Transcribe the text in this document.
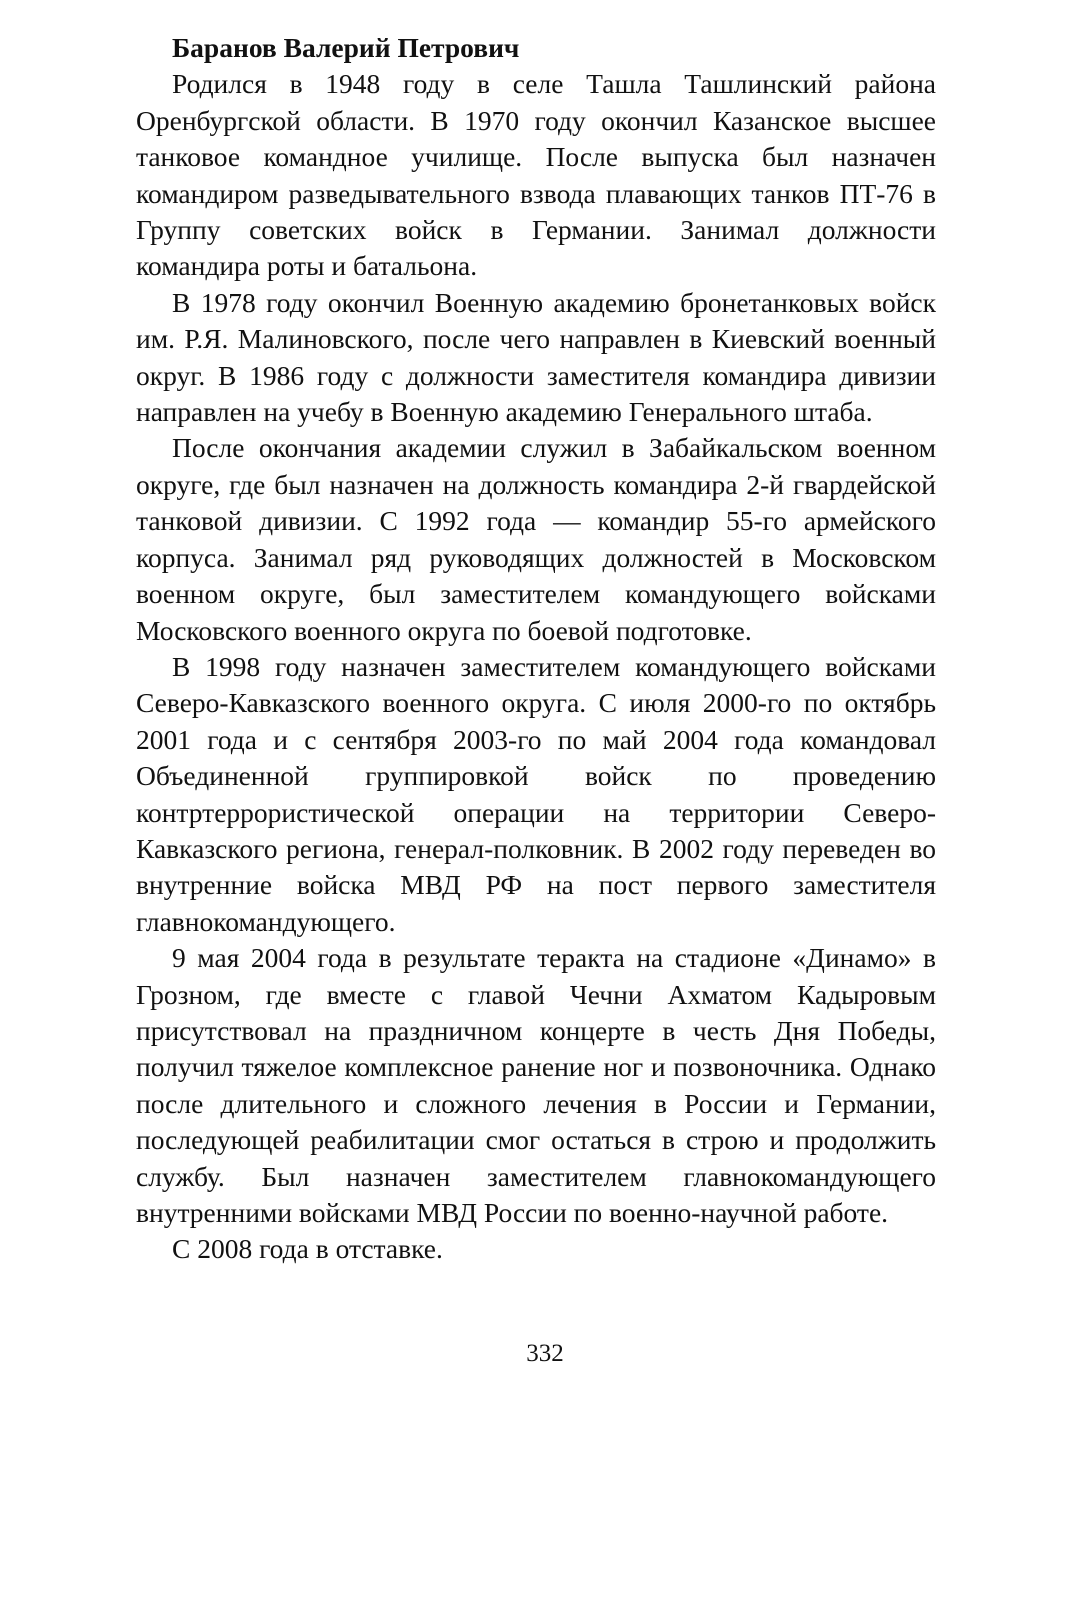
Баранов Валерий Петрович

Родился в 1948 году в селе Ташла Ташлинский района Оренбургской области. В 1970 году окончил Казанское высшее танковое командное училище. После выпуска был назначен командиром разведывательного взвода плавающих танков ПТ-76 в Группу советских войск в Германии. Занимал должности командира роты и батальона.

В 1978 году окончил Военную академию бронетанковых войск им. Р.Я. Малиновского, после чего направлен в Киевский военный округ. В 1986 году с должности заместителя командира дивизии направлен на учебу в Военную академию Генерального штаба.

После окончания академии служил в Забайкальском военном округе, где был назначен на должность командира 2-й гвардейской танковой дивизии. С 1992 года — командир 55-го армейского корпуса. Занимал ряд руководящих должностей в Московском военном округе, был заместителем командующего войсками Московского военного округа по боевой подготовке.

В 1998 году назначен заместителем командующего войсками Северо-Кавказского военного округа. С июля 2000-го по октябрь 2001 года и с сентября 2003-го по май 2004 года командовал Объединенной группировкой войск по проведению контртеррористической операции на территории Северо-Кавказского региона, генерал-полковник. В 2002 году переведен во внутренние войска МВД РФ на пост первого заместителя главнокомандующего.

9 мая 2004 года в результате теракта на стадионе «Динамо» в Грозном, где вместе с главой Чечни Ахматом Кадыровым присутствовал на праздничном концерте в честь Дня Победы, получил тяжелое комплексное ранение ног и позвоночника. Однако после длительного и сложного лечения в России и Германии, последующей реабилитации смог остаться в строю и продолжить службу. Был назначен заместителем главнокомандующего внутренними войсками МВД России по военно-научной работе.

С 2008 года в отставке.

332
